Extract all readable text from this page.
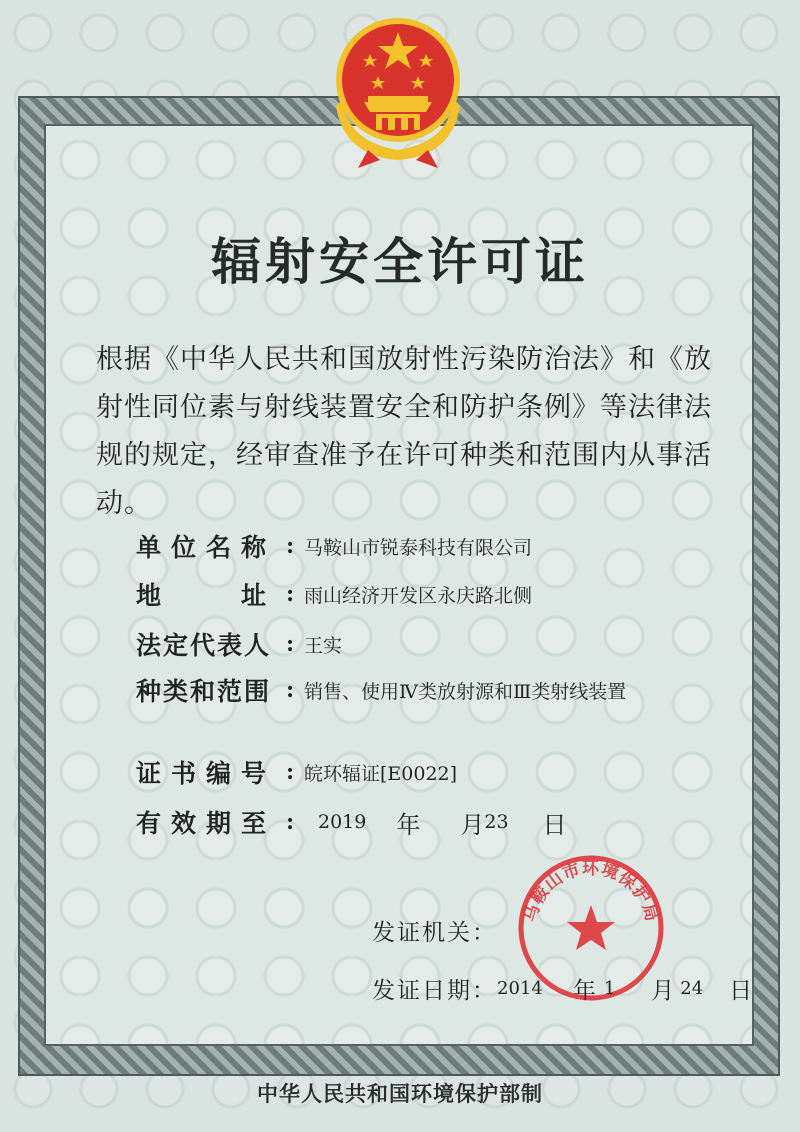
辐射安全许可证
根据《中华人民共和国放射性污染防治法》和《放射性同位素与射线装置安全和防护条例》等法律法规的规定，经审查准予在许可种类和范围内从事活动。
单 位 名 称 : 马鞍山市锐泰科技有限公司
地	址 : 雨山经济开发区永庆路北侧
法定代表人 : 王实
种类和范围 : 销售、使用Ⅳ类放射源和Ⅲ类射线装置
证 书 编 号 : 皖环辐证[E0022]
有 效 期 至 :	2019 年 月 23 日
发证机关：
马鞍山市环境保护局
发证日期： 2014 年 1 月 24 日
中华人民共和国环境保护部制
